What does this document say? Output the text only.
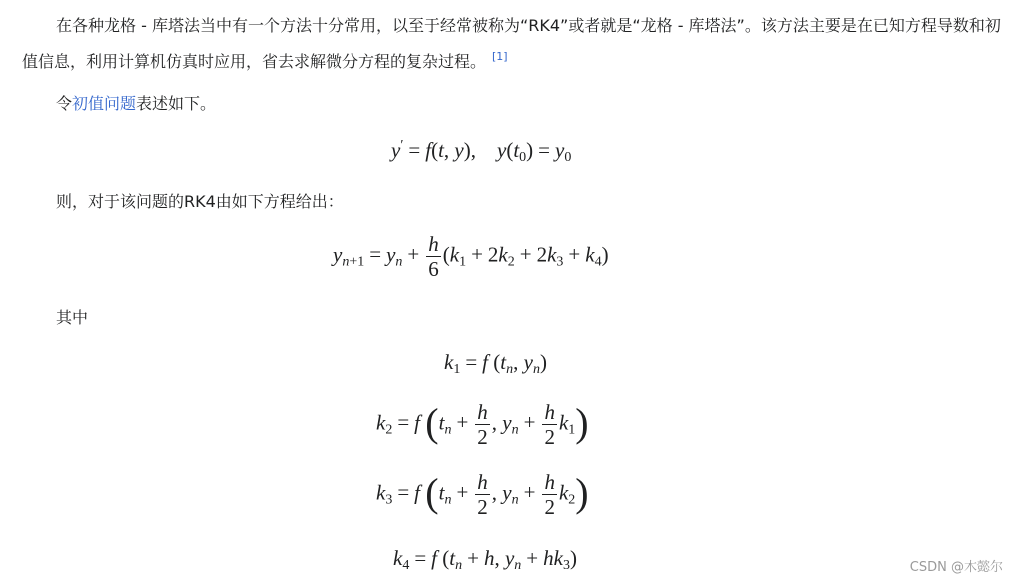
在各种龙格 - 库塔法当中有一个方法十分常用，以至于经常被称为“RK4”或者就是“龙格 - 库塔法”。该方法主要是在已知方程导数和初值信息，利用计算机仿真时应用，省去求解微分方程的复杂过程。 [1]
令初值问题表述如下。
y′ = f(t, y),    $y(t_0) = y_0$
则，对于该问题的RK4由如下方程给出：
$y_{n+1} = y_n + \frac{h}{6} (k_1 + 2k_2 + 2k_3 + k_4)$
其中
$k_1 = f$ ($t_n$, $y_n$)
$k_2 = f$ ($t_n + \frac{h}{2}$ , $y_n + \frac{h}{2} k_1$)
$k_3 = f$ ($t_n + \frac{h}{2}$ , $y_n + \frac{h}{2} k_2$)
$k_4 = f$ ($t_n + h$, $y_n + hk_3$)	CSDN @木懿尔
